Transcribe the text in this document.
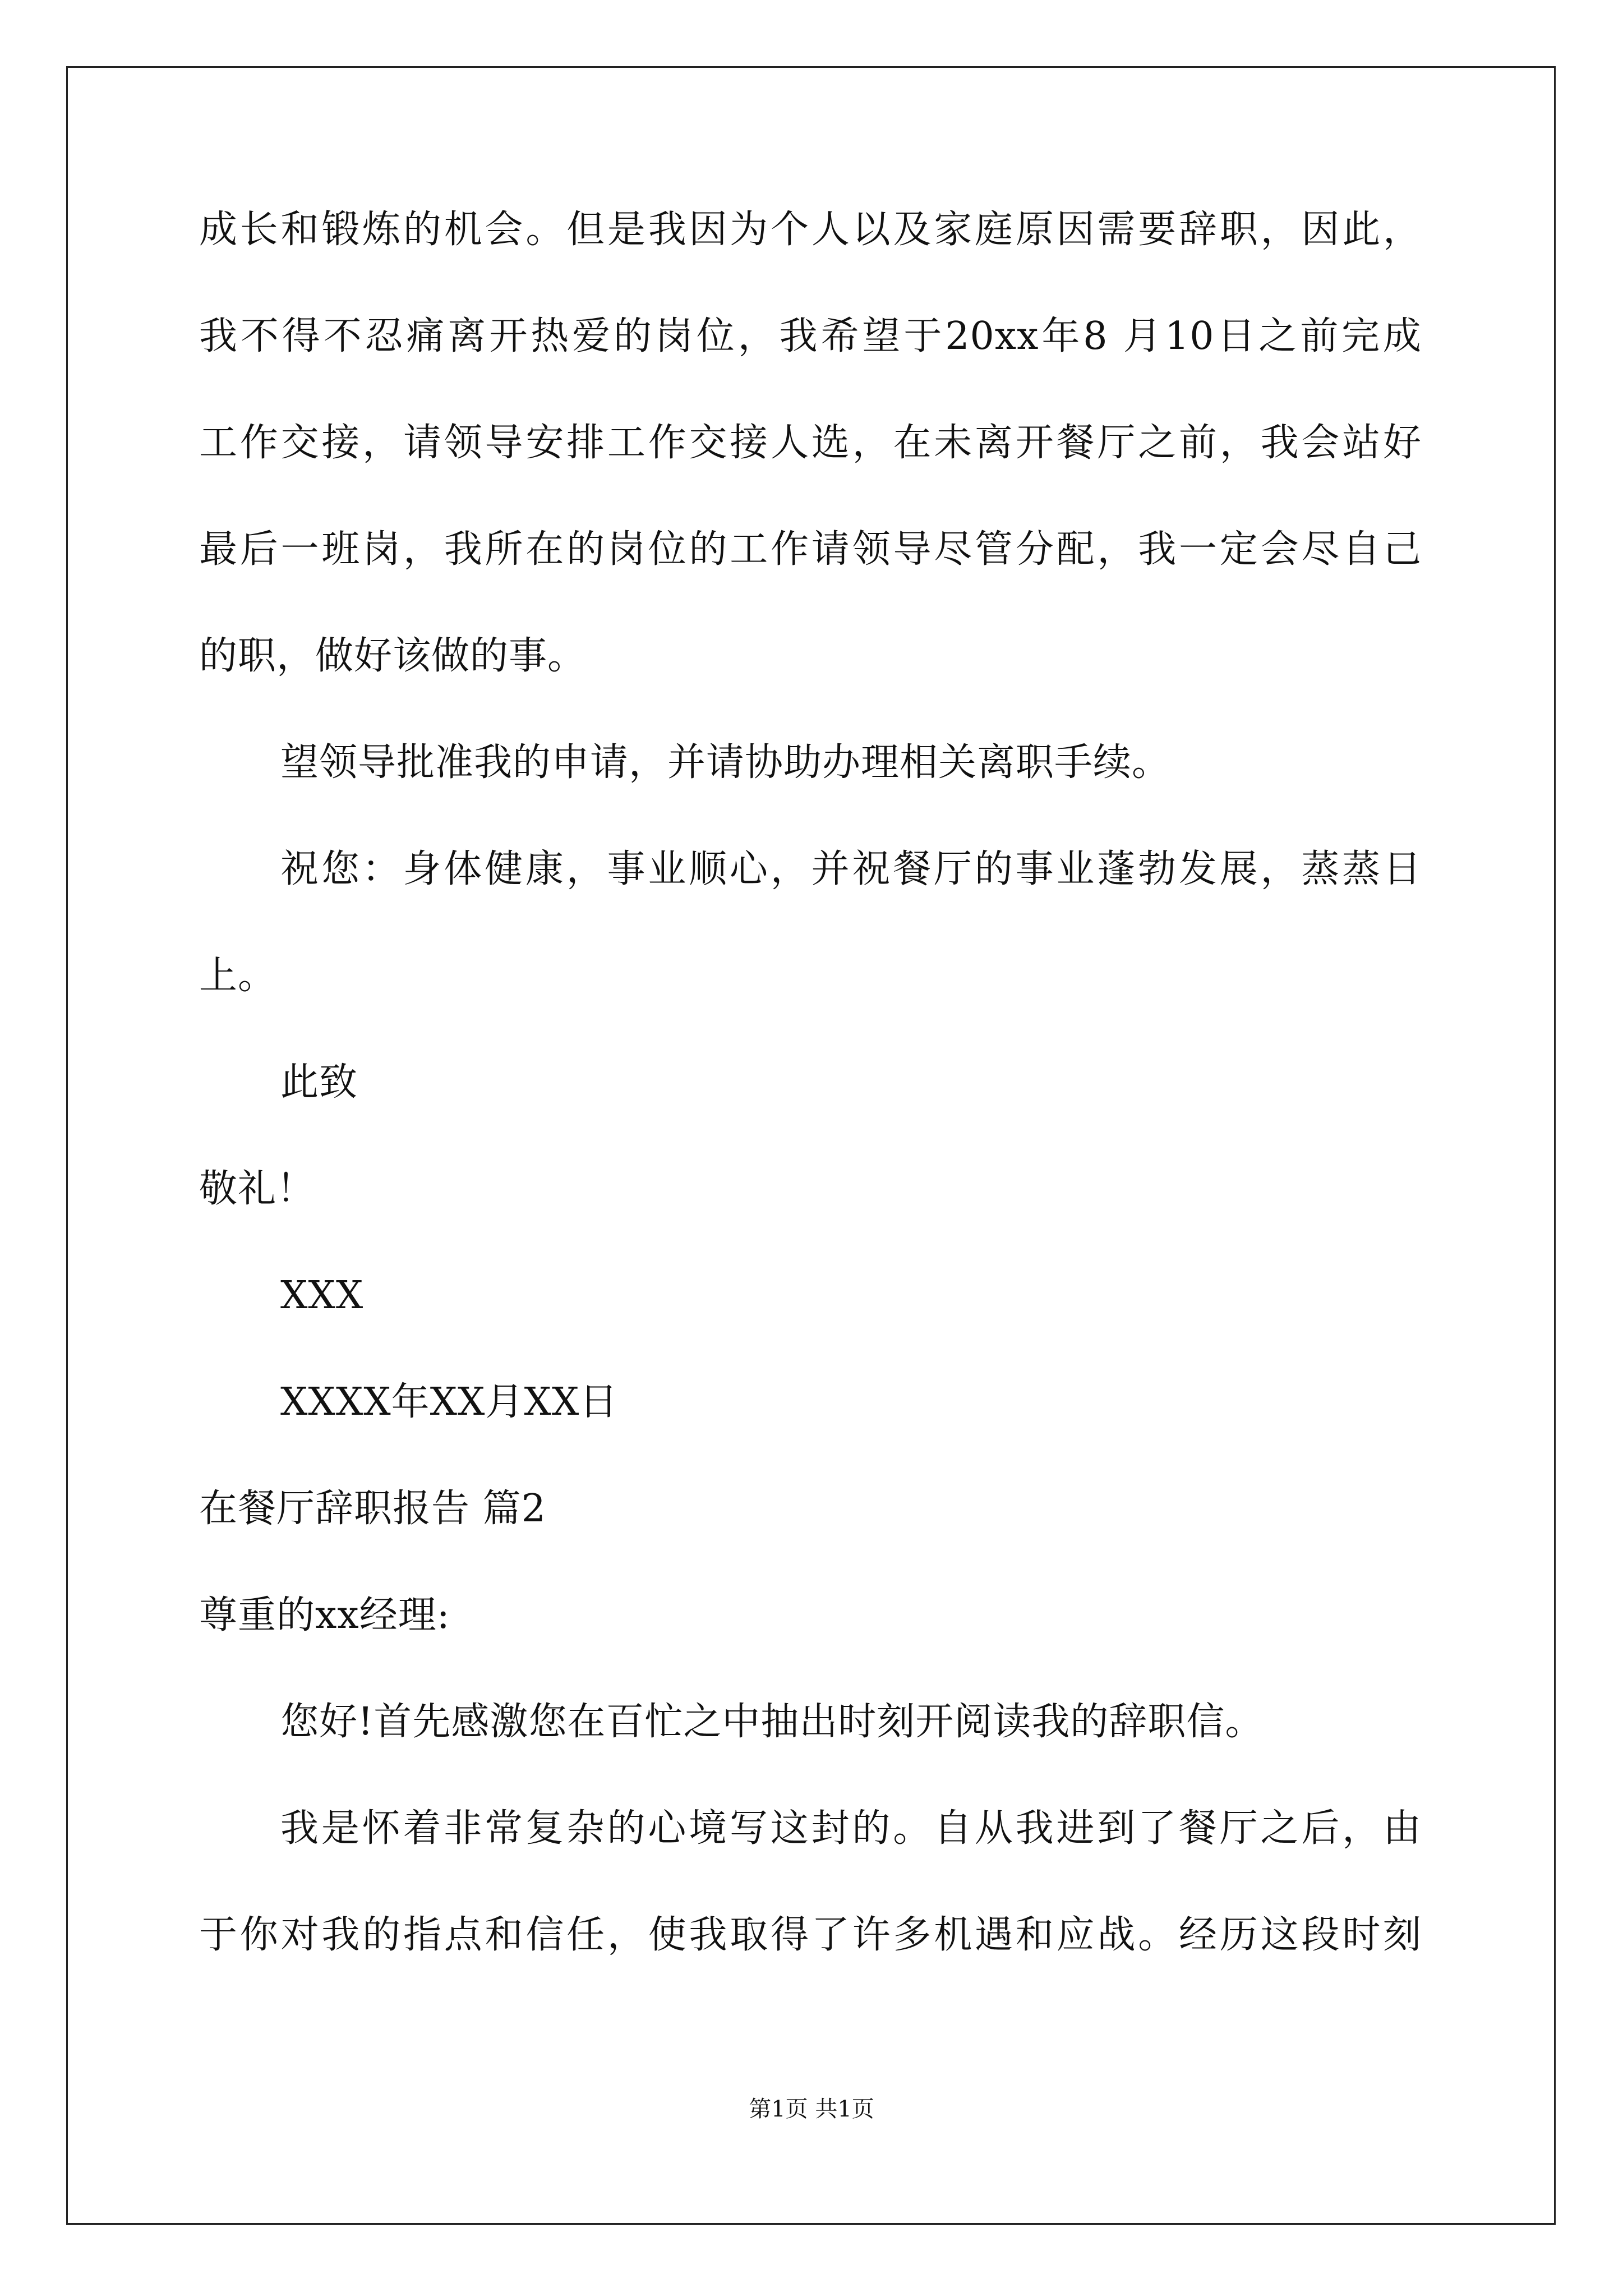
成长和锻炼的机会。但是我因为个人以及家庭原因需要辞职，因此，
我不得不忍痛离开热爱的岗位，我希望于20xx年8 月10日之前完成
工作交接，请领导安排工作交接人选，在未离开餐厅之前，我会站好
最后一班岗，我所在的岗位的工作请领导尽管分配，我一定会尽自己
的职，做好该做的事。
望领导批准我的申请，并请协助办理相关离职手续。
祝您：身体健康，事业顺心，并祝餐厅的事业蓬勃发展，蒸蒸日
上。
此致
敬礼！
XXX
XXXX年XX月XX日
在餐厅辞职报告 篇2
尊重的xx经理:
您好!首先感激您在百忙之中抽出时刻开阅读我的辞职信。
我是怀着非常复杂的心境写这封的。自从我进到了餐厅之后，由
于你对我的指点和信任，使我取得了许多机遇和应战。经历这段时刻
第1页 共1页
